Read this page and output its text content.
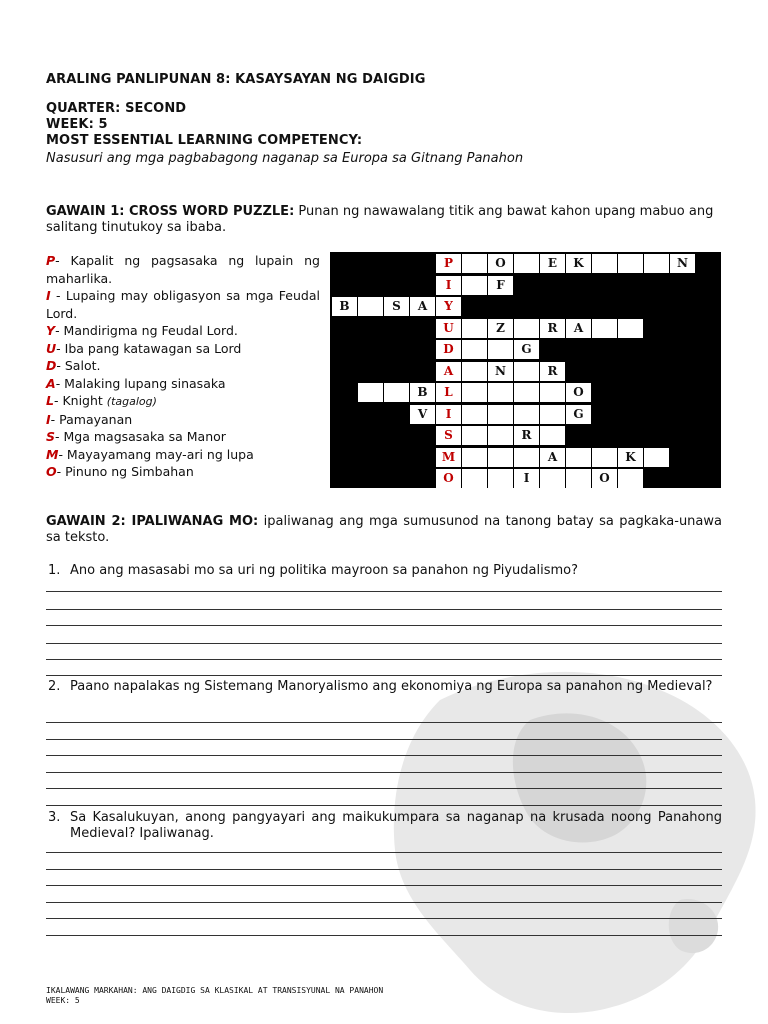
ARALING PANLIPUNAN 8: KASAYSAYAN NG DAIGDIG
QUARTER: SECOND
WEEK: 5
MOST ESSENTIAL LEARNING COMPETENCY:
Nasusuri ang mga pagbabagong naganap sa Europa sa Gitnang Panahon
GAWAIN 1: CROSS WORD PUZZLE: Punan ng nawawalang titik ang bawat kahon upang mabuo ang salitang tinutukoy sa ibaba.
P- Kapalit ng pagsasaka ng lupain ng maharlika.
I - Lupaing may obligasyon sa mga Feudal Lord.
Y- Mandirigma ng Feudal Lord.
U- Iba pang katawagan sa Lord
D- Salot.
A- Malaking lupang sinasaka
L- Knight (tagalog)
I- Pamayanan
S- Mga magsasaka sa Manor
M- Mayayamang may-ari ng lupa
O- Pinuno ng Simbahan
P
O
E
K
N
I
F
B
S
A
Y
U
Z
R
A
D
G
A
N
R
B
L
O
V
I
G
S
R
M
A
K
O
I
O
GAWAIN 2: IPALIWANAG MO: ipaliwanag ang mga sumusunod na tanong batay sa pagkaka-unawa sa teksto.
1. Ano ang masasabi mo sa uri ng politika mayroon sa panahon ng Piyudalismo?
2. Paano napalakas ng Sistemang Manoryalismo ang ekonomiya ng Europa sa panahon ng Medieval?
3. Sa Kasalukuyan, anong pangyayari ang maikukumpara sa naganap na krusada noong Panahong Medieval? Ipaliwanag.
IKALAWANG MARKAHAN: ANG DAIGDIG SA KLASIKAL AT TRANSISYUNAL NA PANAHON
WEEK: 5
